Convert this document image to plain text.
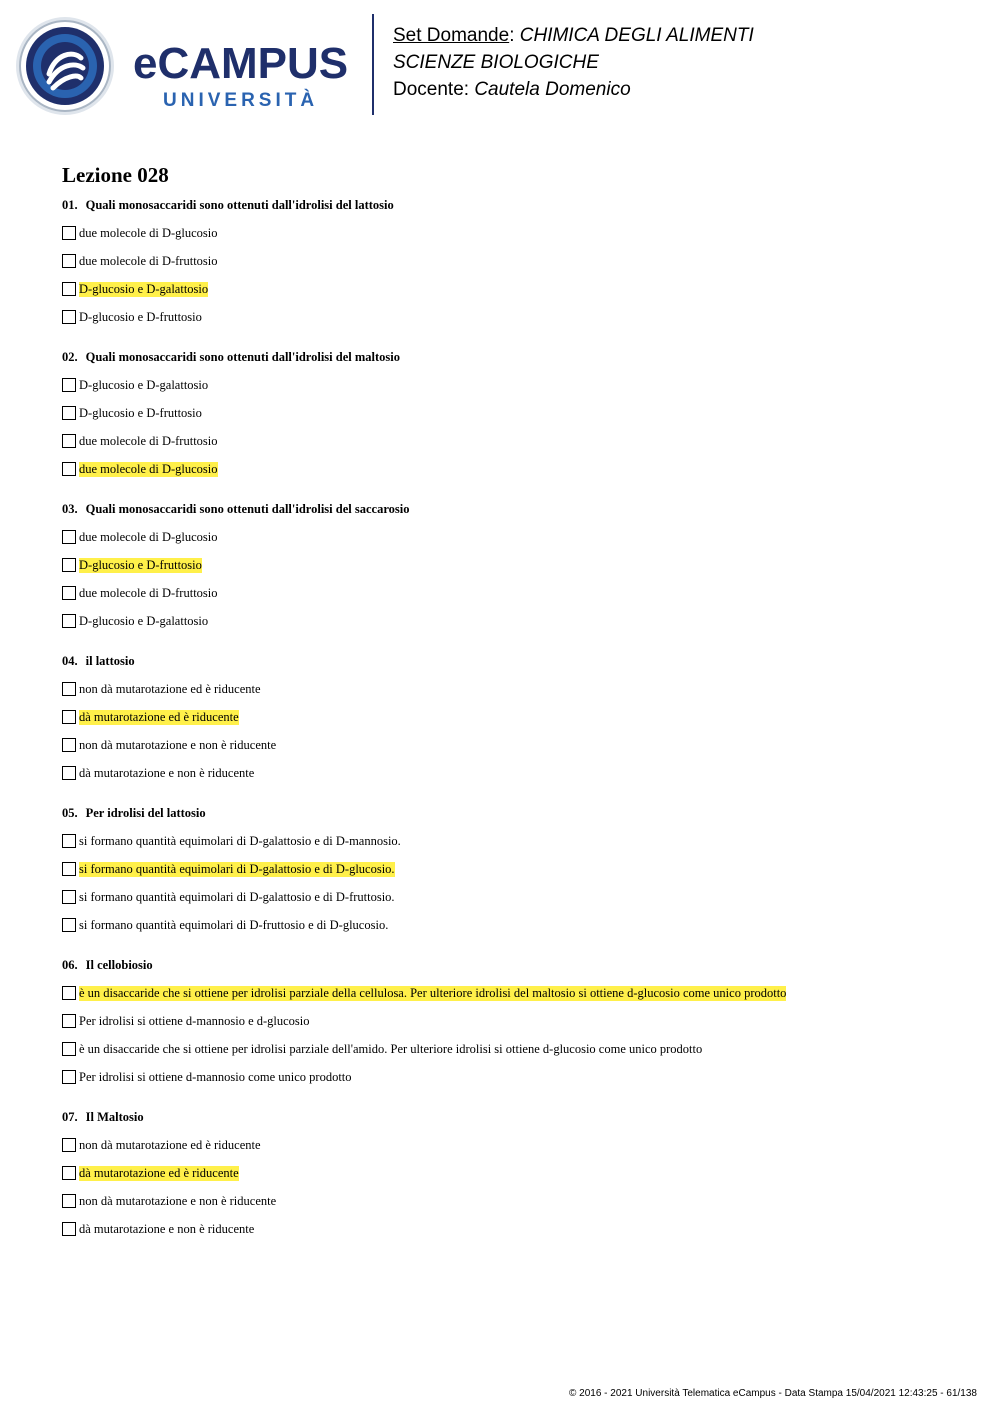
eCAMPUS
UNIVERSITÀ
Set Domande: CHIMICA DEGLI ALIMENTI
SCIENZE BIOLOGICHE
Docente: Cautela Domenico
Lezione 028
01. Quali monosaccaridi sono ottenuti dall'idrolisi del lattosio
due molecole di D-glucosio
due molecole di D-fruttosio
D-glucosio e D-galattosio
D-glucosio e D-fruttosio
02. Quali monosaccaridi sono ottenuti dall'idrolisi del maltosio
D-glucosio e D-galattosio
D-glucosio e D-fruttosio
due molecole di D-fruttosio
due molecole di D-glucosio
03. Quali monosaccaridi sono ottenuti dall'idrolisi del saccarosio
due molecole di D-glucosio
D-glucosio e D-fruttosio
due molecole di D-fruttosio
D-glucosio e D-galattosio
04. il lattosio
non dà mutarotazione ed è riducente
dà mutarotazione ed è riducente
non dà mutarotazione e non è riducente
dà mutarotazione e non è riducente
05. Per idrolisi del lattosio
si formano quantità equimolari di D-galattosio e di D-mannosio.
si formano quantità equimolari di D-galattosio e di D-glucosio.
si formano quantità equimolari di D-galattosio e di D-fruttosio.
si formano quantità equimolari di D-fruttosio e di D-glucosio.
06. Il cellobiosio
è un disaccaride che si ottiene per idrolisi parziale della cellulosa. Per ulteriore idrolisi del maltosio si ottiene d-glucosio come unico prodotto
Per idrolisi si ottiene d-mannosio e d-glucosio
è un disaccaride che si ottiene per idrolisi parziale dell'amido. Per ulteriore idrolisi si ottiene d-glucosio come unico prodotto
Per idrolisi si ottiene d-mannosio come unico prodotto
07. Il Maltosio
non dà mutarotazione ed è riducente
dà mutarotazione ed è riducente
non dà mutarotazione e non è riducente
dà mutarotazione e non è riducente
© 2016 - 2021 Università Telematica eCampus - Data Stampa 15/04/2021 12:43:25 - 61/138
